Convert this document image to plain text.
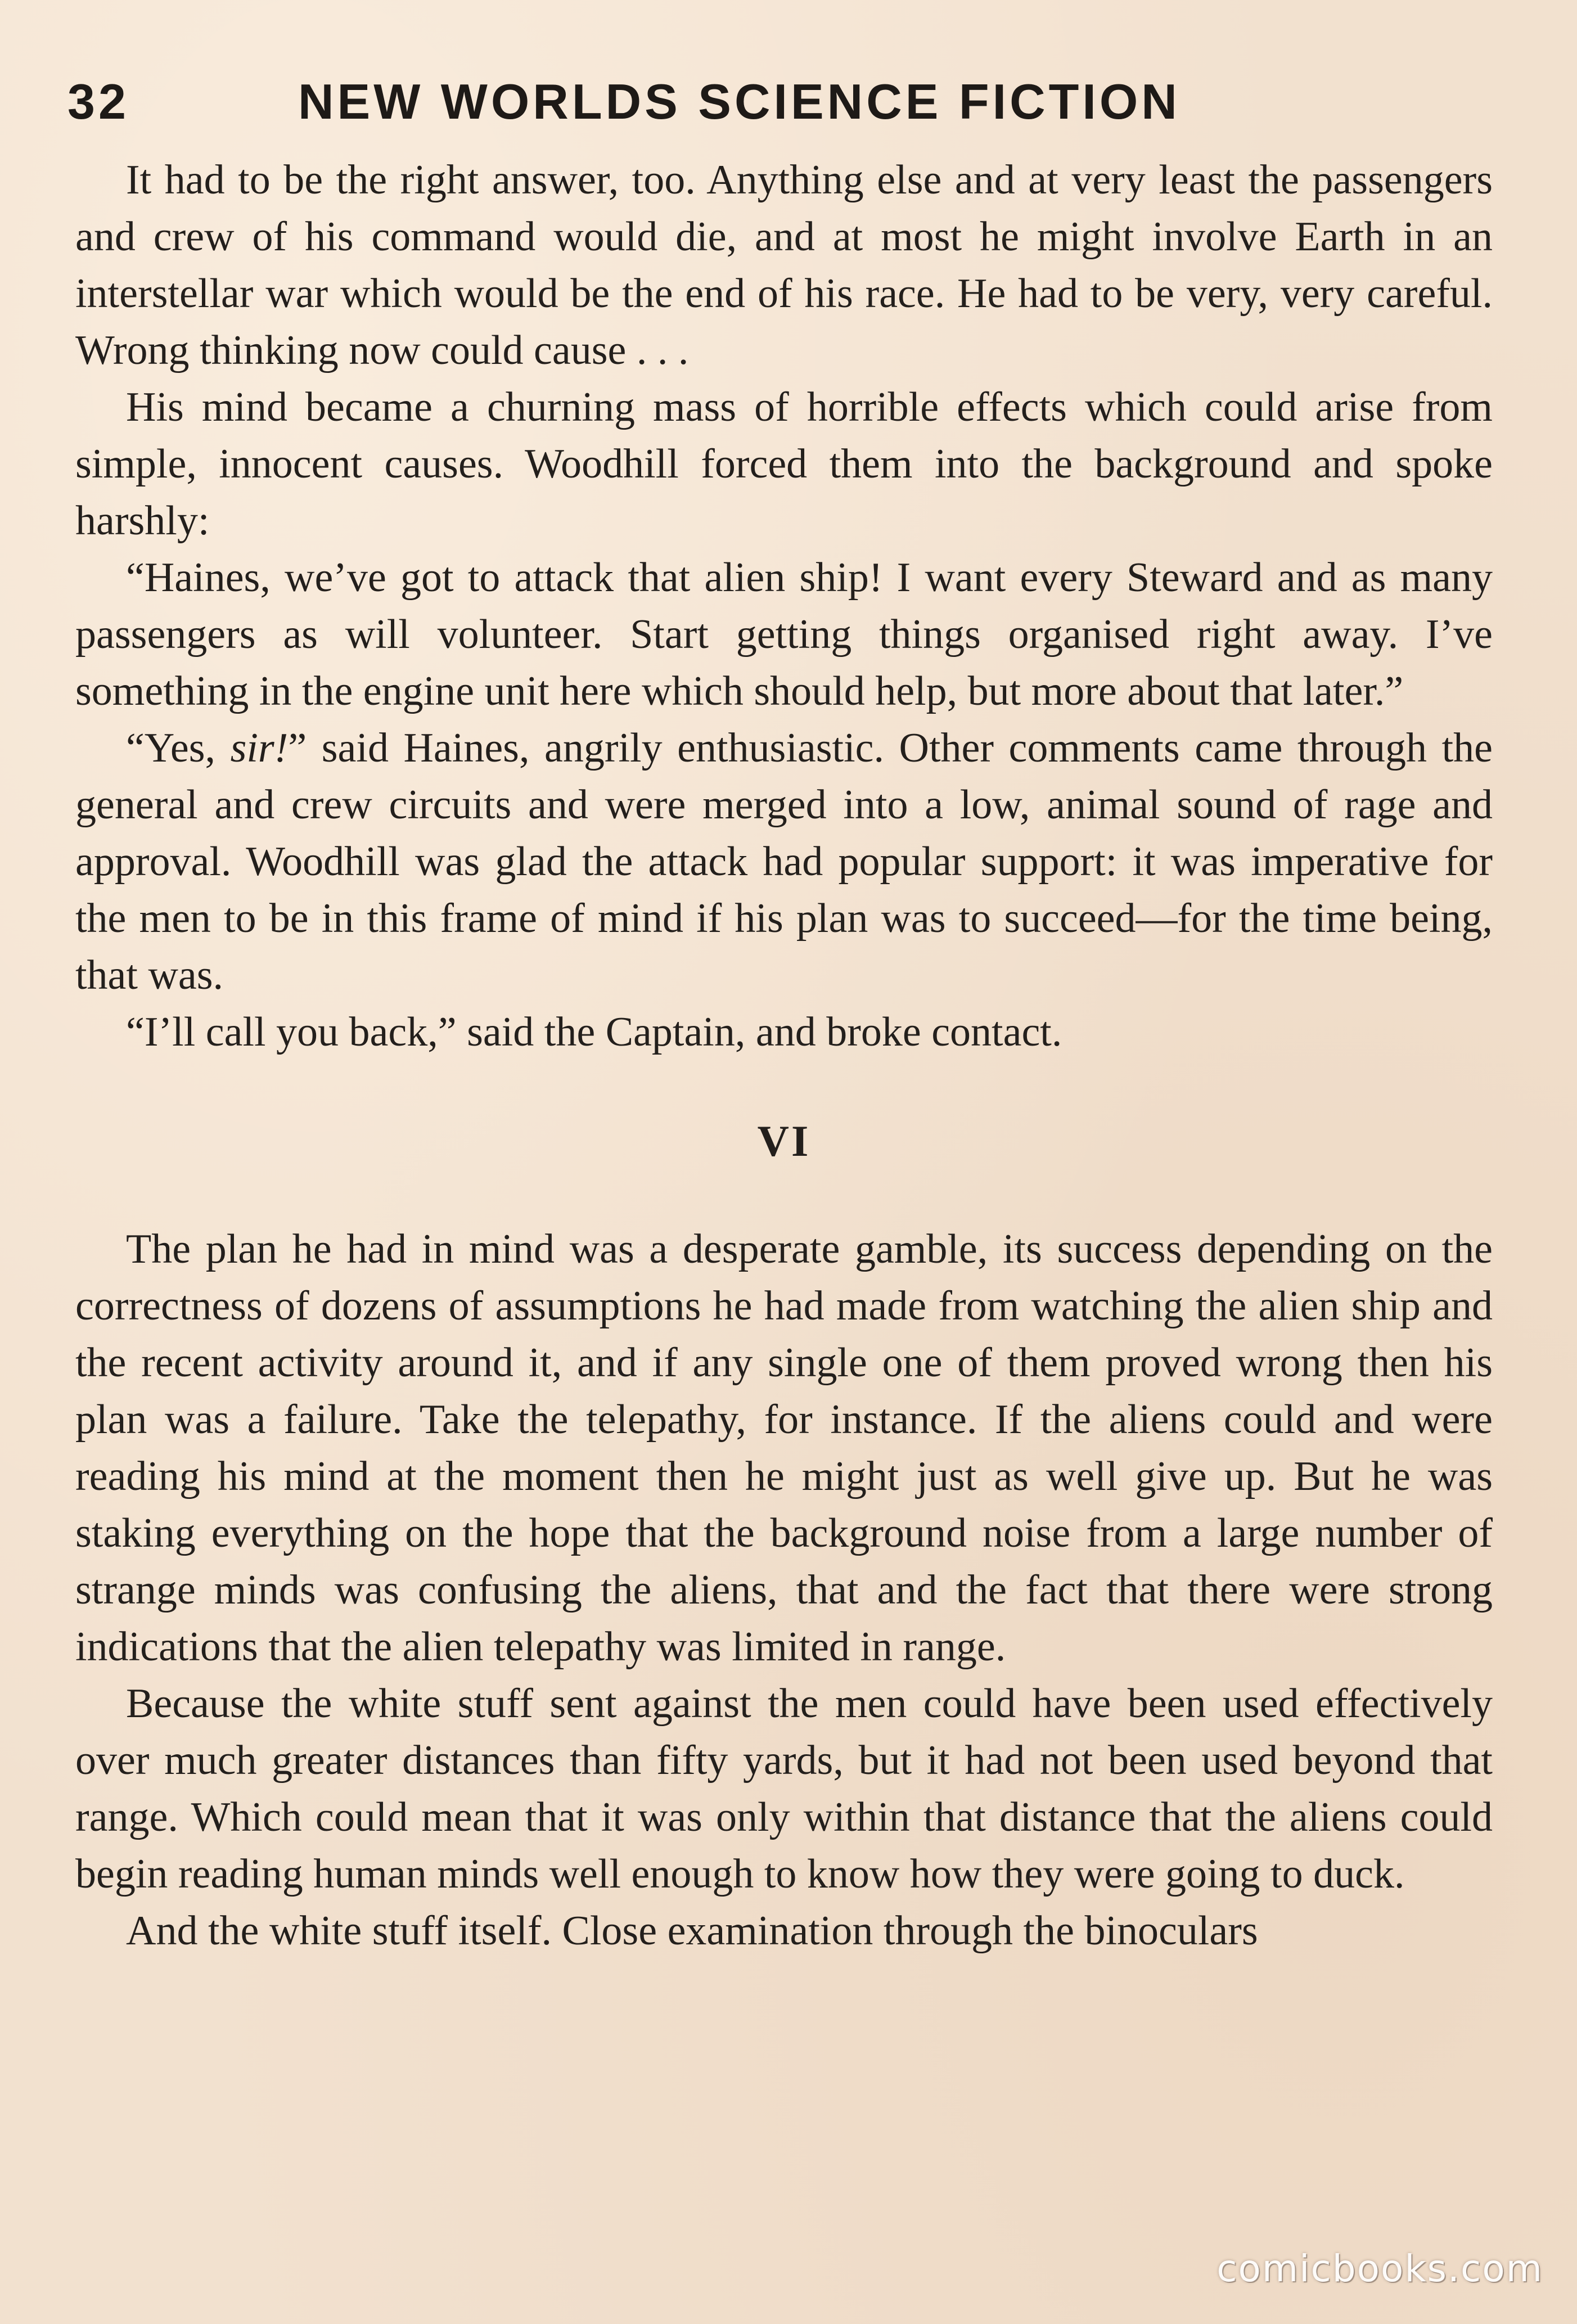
32	NEW WORLDS SCIENCE FICTION

It had to be the right answer, too. Anything else and at very least the passengers and crew of his command would die, and at most he might involve Earth in an interstellar war which would be the end of his race. He had to be very, very careful. Wrong thinking now could cause . . .

His mind became a churning mass of horrible effects which could arise from simple, innocent causes. Woodhill forced them into the background and spoke harshly:

“Haines, we’ve got to attack that alien ship! I want every Steward and as many passengers as will volunteer. Start getting things organised right away. I’ve something in the engine unit here which should help, but more about that later.”

“Yes, sir!” said Haines, angrily enthusiastic. Other comments came through the general and crew circuits and were merged into a low, animal sound of rage and approval. Woodhill was glad the attack had popular support: it was imperative for the men to be in this frame of mind if his plan was to succeed—for the time being, that was.

“I’ll call you back,” said the Captain, and broke contact.

VI

The plan he had in mind was a desperate gamble, its success depending on the correctness of dozens of assumptions he had made from watching the alien ship and the recent activity around it, and if any single one of them proved wrong then his plan was a failure. Take the telepathy, for instance. If the aliens could and were reading his mind at the moment then he might just as well give up. But he was staking everything on the hope that the background noise from a large number of strange minds was confusing the aliens, that and the fact that there were strong indications that the alien telepathy was limited in range.

Because the white stuff sent against the men could have been used effectively over much greater distances than fifty yards, but it had not been used beyond that range. Which could mean that it was only within that distance that the aliens could begin reading human minds well enough to know how they were going to duck.

And the white stuff itself. Close examination through the binoculars

comicbooks.com
